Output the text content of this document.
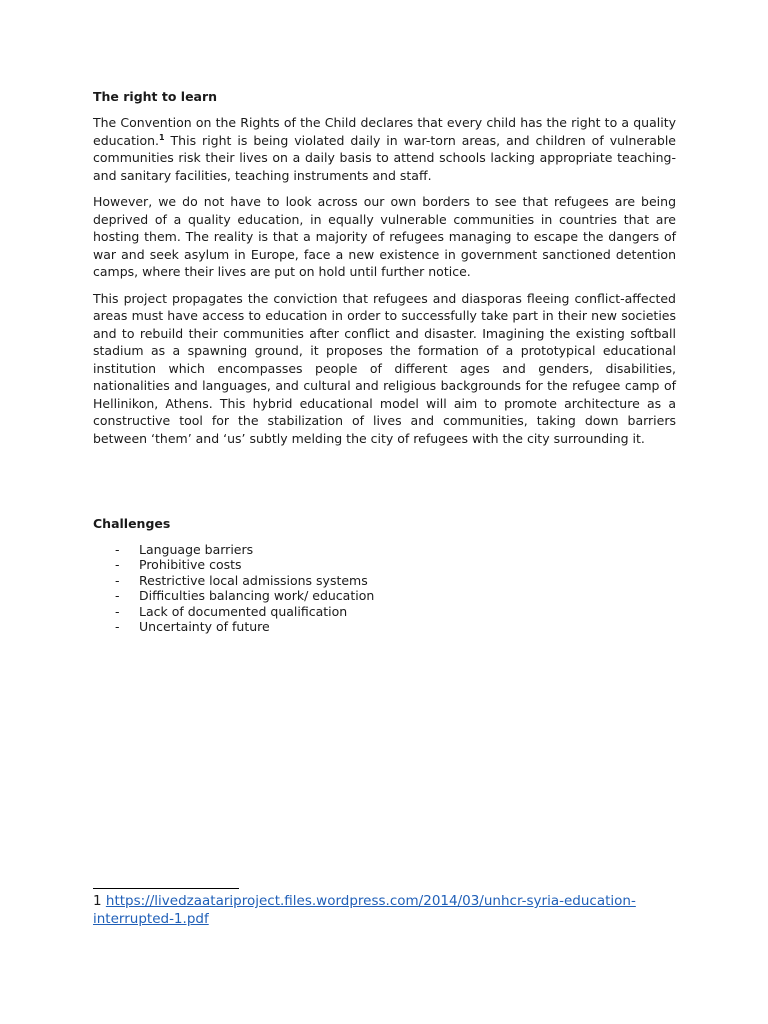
The right to learn

The Convention on the Rights of the Child declares that every child has the right to a quality education.$^1$ This right is being violated daily in war-torn areas, and children of vulnerable communities risk their lives on a daily basis to attend schools lacking appropriate teaching- and sanitary facilities, teaching instruments and staff.

However, we do not have to look across our own borders to see that refugees are being deprived of a quality education, in equally vulnerable communities in countries that are hosting them. The reality is that a majority of refugees managing to escape the dangers of war and seek asylum in Europe, face a new existence in government sanctioned detention camps, where their lives are put on hold until further notice.

This project propagates the conviction that refugees and diasporas fleeing conflict-affected areas must have access to education in order to successfully take part in their new societies and to rebuild their communities after conflict and disaster. Imagining the existing softball stadium as a spawning ground, it proposes the formation of a prototypical educational institution which encompasses people of different ages and genders, disabilities, nationalities and languages, and cultural and religious backgrounds for the refugee camp of Hellinikon, Athens. This hybrid educational model will aim to promote architecture as a constructive tool for the stabilization of lives and communities, taking down barriers between ‘them’ and ‘us’ subtly melding the city of refugees with the city surrounding it.

Challenges
-	Language barriers
-	Prohibitive costs
-	Restrictive local admissions systems
-	Difficulties balancing work/ education
-	Lack of documented qualification
-	Uncertainty of future
1 https://livedzaatariproject.files.wordpress.com/2014/03/unhcr-syria-education-interrupted-1.pdf
